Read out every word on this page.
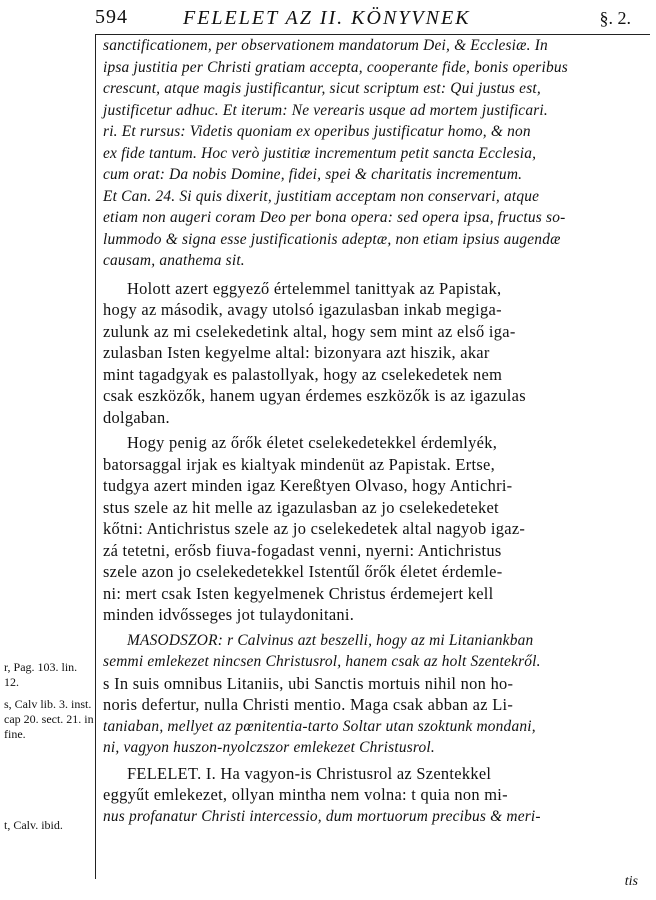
594	FELELET AZ II. KÖNYVNEK	§. 2.
sanctificationem, per observationem mandatorum Dei, & Ecclesiæ. In
ipsa justitia per Christi gratiam accepta, cooperante fide, bonis operibus
crescunt, atque magis justificantur, sicut scriptum est: Qui justus est,
justificetur adhuc. Et iterum: Ne verearis usque ad mortem justificari.
ri. Et rursus: Videtis quoniam ex operibus justificatur homo, & non
ex fide tantum. Hoc verò justitiæ incrementum petit sancta Ecclesia,
cum orat: Da nobis Domine, fidei, spei & charitatis incrementum.
Et Can. 24. Si quis dixerit, justitiam acceptam non conservari, atque
etiam non augeri coram Deo per bona opera: sed opera ipsa, fructus so-
lummodo & signa esse justificationis adeptæ, non etiam ipsius augendæ
causam, anathema sit.
Holott azert eggyező értelemmel tanittyak az Papistak,
hogy az második, avagy utolsó igazulasban inkab megiga-
zulunk az mi cselekedetink altal, hogy sem mint az első iga-
zulasban Isten kegyelme altal: bizonyara azt hiszik, akar
mint tagadgyak es palastollyak, hogy az cselekedetek nem
csak eszközők, hanem ugyan érdemes eszközők is az igazulas
dolgaban.
Hogy penig az őrők életet cselekedetekkel érdemlyék,
batorsaggal irjak es kialtyak mindenüt az Papistak. Ertse,
tudgya azert minden igaz Kereßtyen Olvaso, hogy Antichri-
stus szele az hit melle az igazulasban az jo cselekedeteket
kőtni: Antichristus szele az jo cselekedetek altal nagyob igaz-
zá tetetni, erősb fiuva-fogadast venni, nyerni: Antichristus
szele azon jo cselekedetekkel Istentűl őrők életet érdemle-
ni: mert csak Isten kegyelmenek Christus érdemejert kell
minden idvősseges jot tulaydonitani.
MASODSZOR: r Calvinus azt beszelli, hogy az mi Litaniankban
semmi emlekezet nincsen Christusrol, hanem csak az holt Szentekről.
s In suis omnibus Litaniis, ubi Sanctis mortuis nihil non ho-
noris defertur, nulla Christi mentio. Maga csak abban az Li-
taniaban, mellyet az pœnitentia-tarto Soltar utan szoktunk mondani,
ni, vagyon huszon-nyolczszor emlekezet Christusrol.
FELELET. I. Ha vagyon-is Christusrol az Szentekkel
eggyűt emlekezet, ollyan mintha nem volna: t quia non mi-
nus profanatur Christi intercessio, dum mortuorum precibus & meri-
r, Pag. 103. lin. 12.
s, Calv lib. 3. inst. cap 20. sect. 21. in fine.
t, Calv. ibid.
tis
